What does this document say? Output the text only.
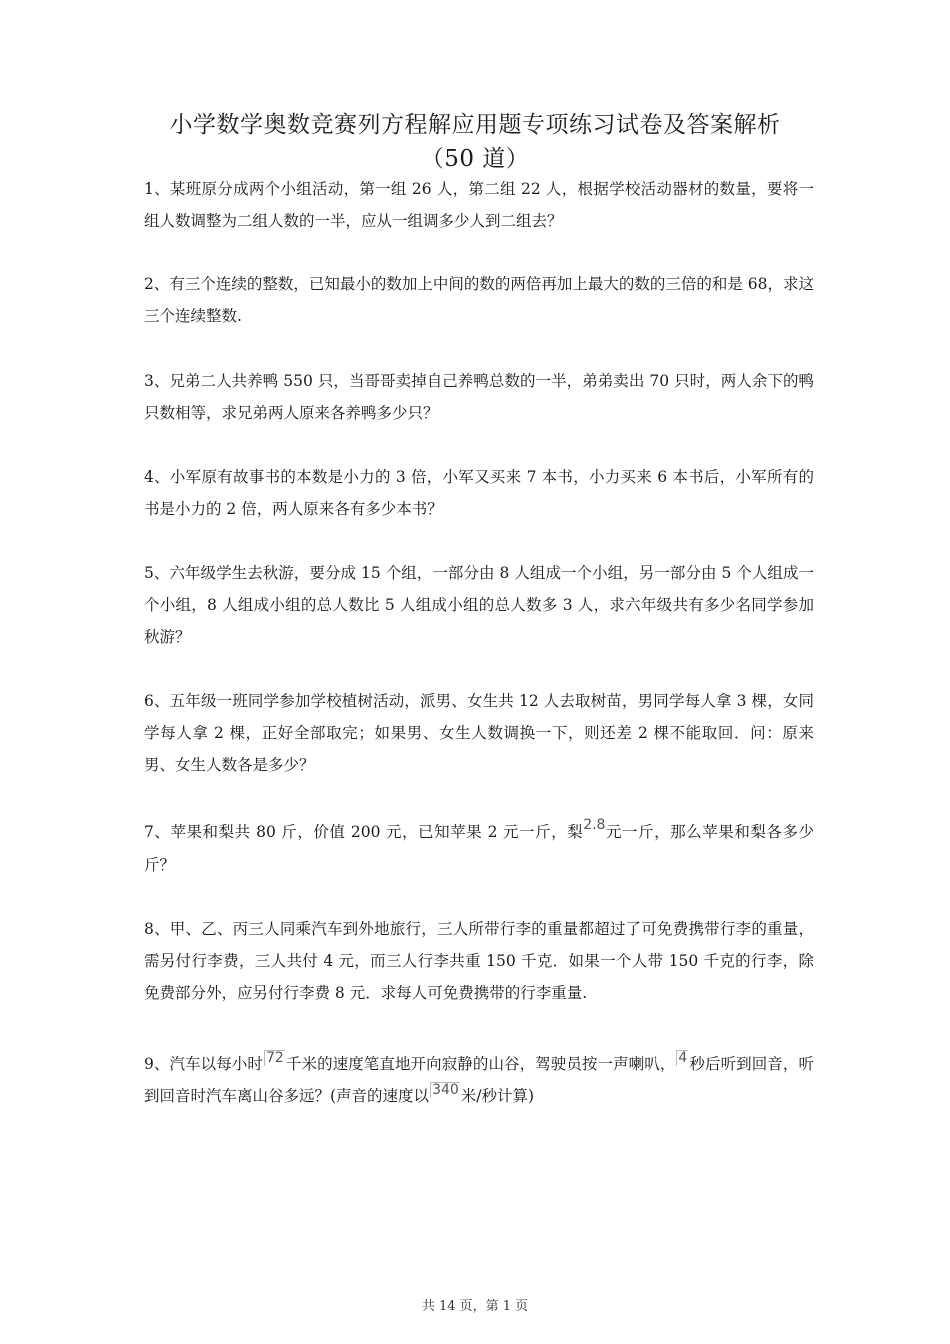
小学数学奥数竞赛列方程解应用题专项练习试卷及答案解析
（50 道）

1、某班原分成两个小组活动，第一组 26 人，第二组 22 人，根据学校活动器材的数量，要将一组人数调整为二组人数的一半，应从一组调多少人到二组去？

2、有三个连续的整数，已知最小的数加上中间的数的两倍再加上最大的数的三倍的和是 68，求这三个连续整数.

3、兄弟二人共养鸭 550 只，当哥哥卖掉自己养鸭总数的一半，弟弟卖出 70 只时，两人余下的鸭只数相等，求兄弟两人原来各养鸭多少只？

4、小军原有故事书的本数是小力的 3 倍，小军又买来 7 本书，小力买来 6 本书后，小军所有的书是小力的 2 倍，两人原来各有多少本书？

5、六年级学生去秋游，要分成 15 个组，一部分由 8 人组成一个小组，另一部分由 5 个人组成一个小组，8 人组成小组的总人数比 5 人组成小组的总人数多 3 人，求六年级共有多少名同学参加秋游？

6、五年级一班同学参加学校植树活动，派男、女生共 12 人去取树苗，男同学每人拿 3 棵，女同学每人拿 2 棵，正好全部取完；如果男、女生人数调换一下，则还差 2 棵不能取回．问：原来男、女生人数各是多少？

7、苹果和梨共 80 斤，价值 200 元，已知苹果 2 元一斤，梨2.8元一斤，那么苹果和梨各多少斤？

8、甲、乙、丙三人同乘汽车到外地旅行，三人所带行李的重量都超过了可免费携带行李的重量，需另付行李费，三人共付 4 元，而三人行李共重 150 千克．如果一个人带 150 千克的行李，除免费部分外，应另付行李费 8 元．求每人可免费携带的行李重量.

9、汽车以每小时 72 千米的速度笔直地开向寂静的山谷，驾驶员按一声喇叭， 4 秒后听到回音，听到回音时汽车离山谷多远？(声音的速度以 340 米/秒计算)

共 14 页，第 1 页
